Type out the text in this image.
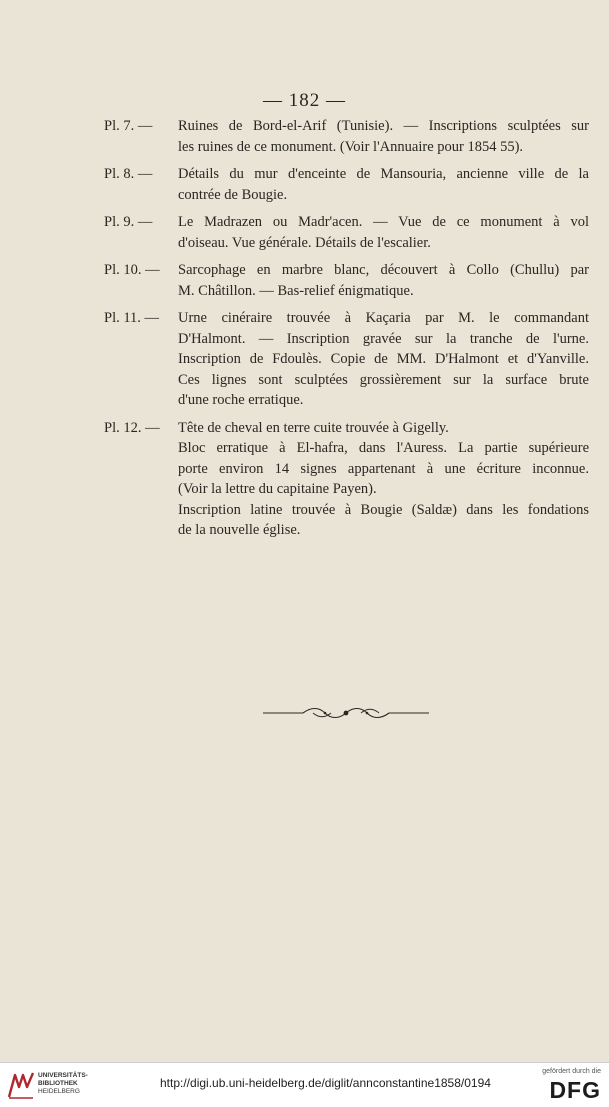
— 182 —
Pl. 7. —	Ruines de Bord-el-Arif (Tunisie). — Inscriptions sculptées sur
les ruines de ce monument. (Voir l'Annuaire pour 1854 55).
Pl. 8. —	Détails du mur d'enceinte de Mansouria, ancienne ville de la
contrée de Bougie.
Pl. 9. —	Le Madrazen ou Madr'acen. — Vue de ce monument à vol
d'oiseau. Vue générale. Détails de l'escalier.
Pl. 10. —	Sarcophage en marbre blanc, découvert à Collo (Chullu) par
M. Châtillon. — Bas-relief énigmatique.
Pl. 11. —	Urne cinéraire trouvée à Kaçaria par M. le commandant
D'Halmont. — Inscription gravée sur la tranche de l'urne.
Inscription de Fdoulès. Copie de MM. D'Halmont et d'Yanville.
Ces lignes sont sculptées grossièrement sur la surface brute
d'une roche erratique.
Pl. 12. —	Tête de cheval en terre cuite trouvée à Gigelly.
Bloc erratique à El-hafra, dans l'Auress. La partie supérieure
porte environ 14 signes appartenant à une écriture inconnue.
(Voir la lettre du capitaine Payen).
Inscription latine trouvée à Bougie (Saldæ) dans les fondations
de la nouvelle église.
UNIVERSITÄTS-
BIBLIOTHEK
HEIDELBERG
http://digi.ub.uni-heidelberg.de/diglit/annconstantine1858/0194
gefördert durch die
DFG
